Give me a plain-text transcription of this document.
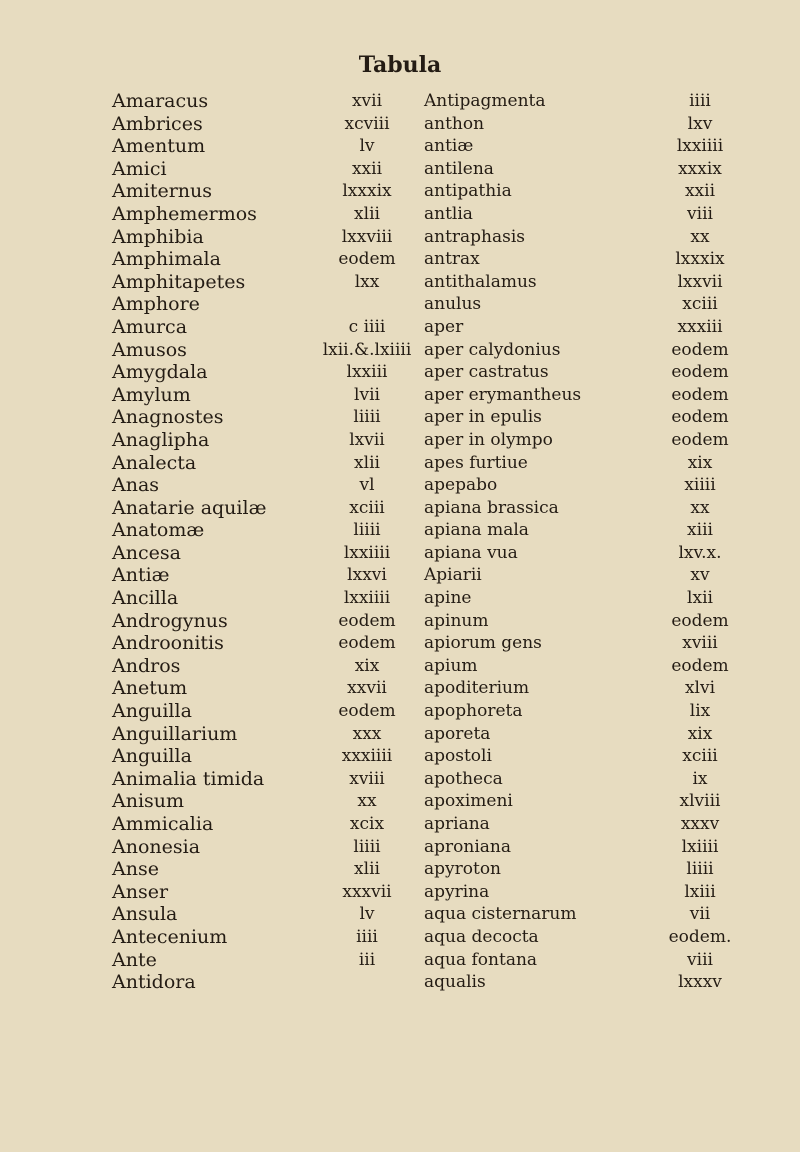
Tabula
Amaracus
Ambrices
Amentum
Amici
Amiternus
Amphemermos
Amphibia
Amphimala
Amphitapetes
Amphore
Amurca
Amusos
Amygdala
Amylum
Anagnostes
Anaglipha
Analecta
Anas
Anatarie aquilæ
Anatomæ
Ancesa
Antiæ
Ancilla
Androgynus
Androonitis
Andros
Anetum
Anguilla
Anguillarium
Anguilla
Animalia timida
Anisum
Ammicalia
Anonesia
Anse
Anser
Ansula
Antecenium
Ante
Antidora
xvii
xcviii
lv
xxii
lxxxix
xlii
lxxviii
eodem
lxx
c iiii
lxii.&.lxiiii
lxxiii
lvii
liiii
lxvii
xlii
vl
xciii
liiii
lxxiiii
lxxvi
lxxiiii
eodem
eodem
xix
xxvii
eodem
xxx
xxxiiii
xviii
xx
xcix
liiii
xlii
xxxvii
lv
iiii
iii
Antipagmenta
anthon
antiæ
antilena
antipathia
antlia
antraphasis
antrax
antithalamus
anulus
aper
aper calydonius
aper castratus
aper erymantheus
aper in epulis
aper in olympo
apes furtiue
apepabo
apiana brassica
apiana mala
apiana vua
Apiarii
apine
apinum
apiorum gens
apium
apoditerium
apophoreta
aporeta
apostoli
apotheca
apoximeni
apriana
aproniana
apyroton
apyrina
aqua cisternarum
aqua decocta
aqua fontana
aqualis
iiii
lxv
lxxiiii
xxxix
xxii
viii
xx
lxxxix
lxxvii
xciii
xxxiii
eodem
eodem
eodem
eodem
eodem
xix
xiiii
xx
xiii
lxv.x.
xv
lxii
eodem
xviii
eodem
xlvi
lix
xix
xciii
ix
xlviii
xxxv
lxiiii
liiii
lxiii
vii
eodem.
viii
lxxxv
